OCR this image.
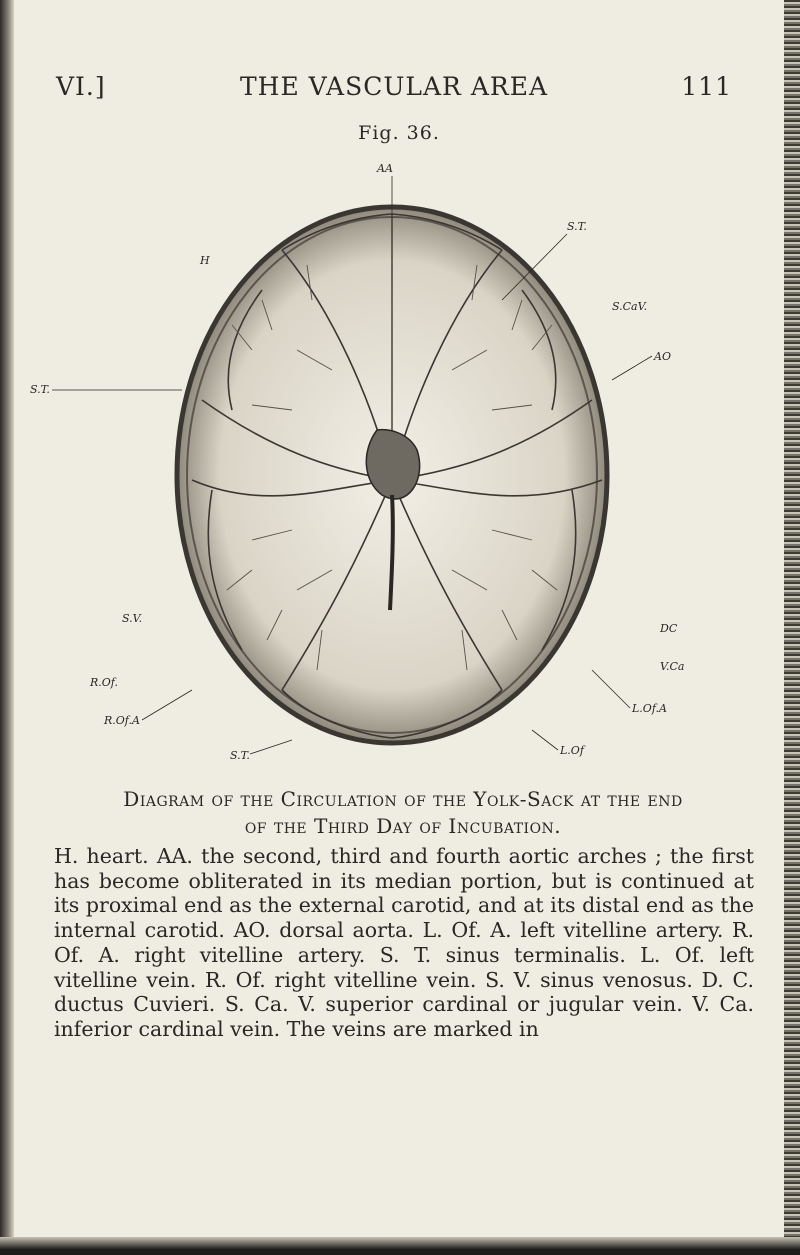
VI.]	THE VASCULAR AREA	111
Fig. 36.
AA
S.T.
H
S.CaV.
AO
S.T.
S.V.
DC
R.Of.
V.Ca
R.Of.A
L.Of.A
S.T.	L.Of
Diagram of the Circulation of the Yolk-Sack at the end
of the Third Day of Incubation.

H. heart. AA. the second, third and fourth aortic arches ; the first has become obliterated in its median portion, but is continued at its proximal end as the external carotid, and at its distal end as the internal carotid. AO. dorsal aorta. L. Of. A. left vitelline artery. R. Of. A. right vitelline artery. S. T. sinus terminalis. L. Of. left vitelline vein. R. Of. right vitelline vein. S. V. sinus venosus. D. C. ductus Cuvieri. S. Ca. V. superior cardinal or jugular vein. V. Ca. inferior cardinal vein. The veins are marked in
